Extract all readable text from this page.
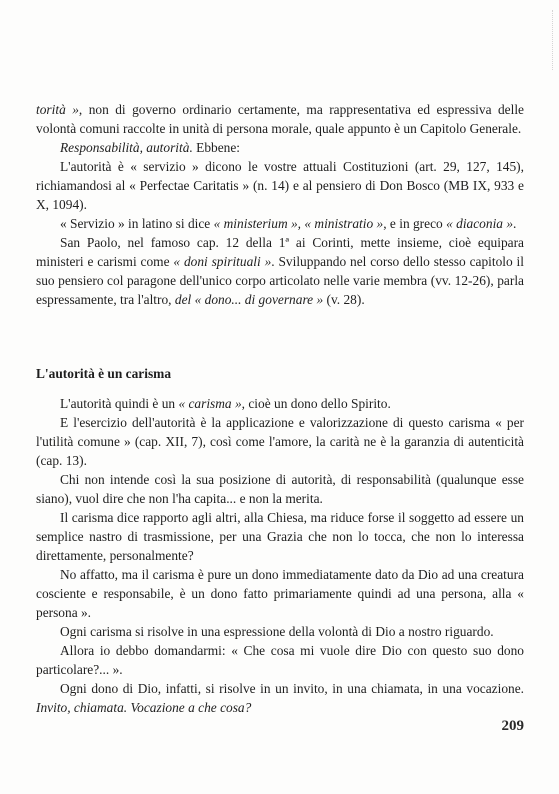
torità », non di governo ordinario certamente, ma rappresentativa ed espressiva delle volontà comuni raccolte in unità di persona morale, quale appunto è un Capitolo Generale.

Responsabilità, autorità. Ebbene:

L'autorità è « servizio » dicono le vostre attuali Costituzioni (art. 29, 127, 145), richiamandosi al « Perfectae Caritatis » (n. 14) e al pensiero di Don Bosco (MB IX, 933 e X, 1094).

« Servizio » in latino si dice « ministerium », « ministratio », e in greco « diaconia ».

San Paolo, nel famoso cap. 12 della 1ª ai Corinti, mette insieme, cioè equipara ministeri e carismi come « doni spirituali ». Sviluppando nel corso dello stesso capitolo il suo pensiero col paragone dell'unico corpo articolato nelle varie membra (vv. 12-26), parla espressamente, tra l'altro, del « dono... di governare » (v. 28).

L'autorità è un carisma

L'autorità quindi è un « carisma », cioè un dono dello Spirito.

E l'esercizio dell'autorità è la applicazione e valorizzazione di questo carisma « per l'utilità comune » (cap. XII, 7), così come l'amore, la carità ne è la garanzia di autenticità (cap. 13).

Chi non intende così la sua posizione di autorità, di responsabilità (qualunque esse siano), vuol dire che non l'ha capita... e non la merita.

Il carisma dice rapporto agli altri, alla Chiesa, ma riduce forse il soggetto ad essere un semplice nastro di trasmissione, per una Grazia che non lo tocca, che non lo interessa direttamente, personalmente?

No affatto, ma il carisma è pure un dono immediatamente dato da Dio ad una creatura cosciente e responsabile, è un dono fatto primariamente quindi ad una persona, alla « persona ».

Ogni carisma si risolve in una espressione della volontà di Dio a nostro riguardo.

Allora io debbo domandarmi: « Che cosa mi vuole dire Dio con questo suo dono particolare?... ».

Ogni dono di Dio, infatti, si risolve in un invito, in una chiamata, in una vocazione. Invito, chiamata. Vocazione a che cosa?

209
